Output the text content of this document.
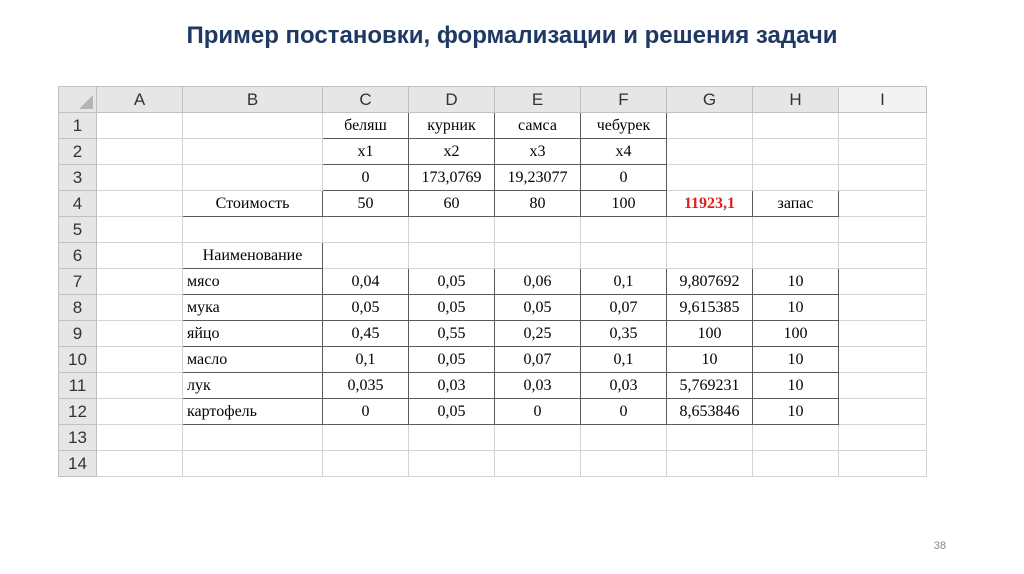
Пример постановки, формализации и решения задачи
	A	B	C	D	E	F	G	H	I
1			беляш	курник	самса	чебурек			
2			x1	x2	x3	x4			
3			0	173,0769	19,23077	0			
4		Стоимость	50	60	80	100	11923,1	запас	
5									
6		Наименование							
7		мясо	0,04	0,05	0,06	0,1	9,807692	10	
8		мука	0,05	0,05	0,05	0,07	9,615385	10	
9		яйцо	0,45	0,55	0,25	0,35	100	100	
10		масло	0,1	0,05	0,07	0,1	10	10	
11		лук	0,035	0,03	0,03	0,03	5,769231	10	
12		картофель	0	0,05	0	0	8,653846	10	
13									
14									
38
